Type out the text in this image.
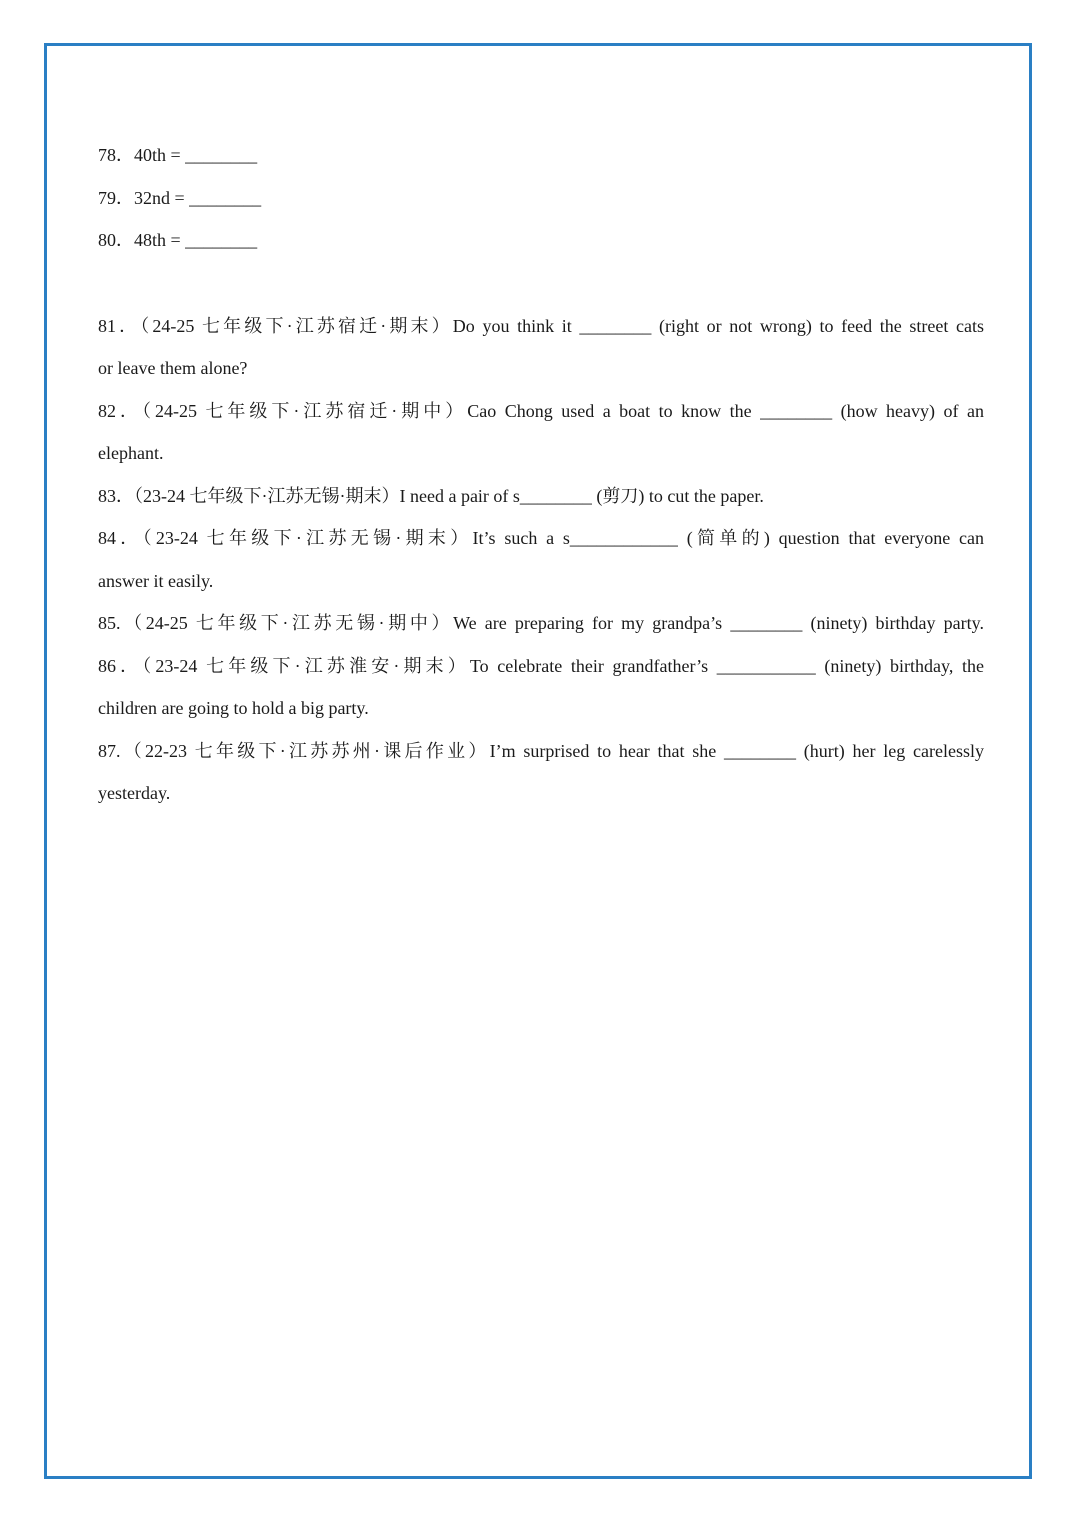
78．40th = ________
79．32nd = ________
80．48th = ________
81．（24-25 七年级下·江苏宿迁·期末）Do you think it ________ (right or not wrong) to feed the street cats
or leave them alone?
82．（24-25 七年级下·江苏宿迁·期中）Cao Chong used a boat to know the ________ (how heavy) of an
elephant.
83．（23-24 七年级下·江苏无锡·期末）I need a pair of s________ (剪刀) to cut the paper.
84．（23-24 七年级下·江苏无锡·期末）It’s such a s____________ (简单的) question that everyone can
answer it easily.
85.（24-25 七年级下·江苏无锡·期中）We are preparing for my grandpa’s ________ (ninety) birthday party.
86．（23-24 七年级下·江苏淮安·期末）To celebrate their grandfather’s ___________ (ninety) birthday, the
children are going to hold a big party.
87.（22-23 七年级下·江苏苏州·课后作业）I’m surprised to hear that she ________ (hurt) her leg carelessly
yesterday.
